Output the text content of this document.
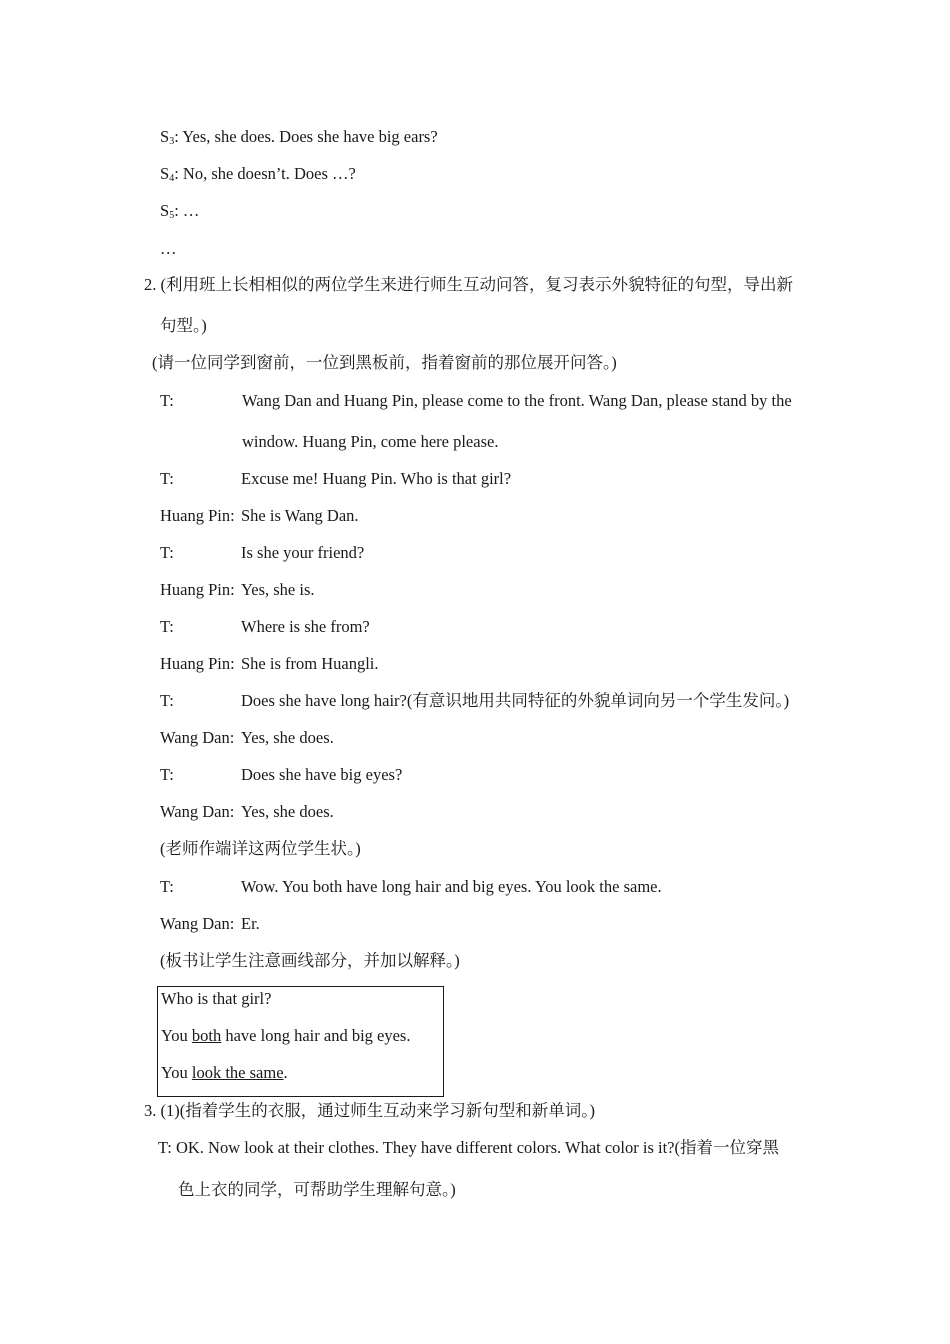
$S_3$: Yes, she does. Does she have big ears?
$S_4$: No, she doesn’t. Does …?
$S_5$: …
…
2. (利用班上长相相似的两位学生来进行师生互动问答，复习表示外貌特征的句型，导出新
句型。)
(请一位同学到窗前，一位到黑板前，指着窗前的那位展开问答。)
T:	Wang Dan and Huang Pin, please come to the front. Wang Dan, please stand by the
window. Huang Pin, come here please.
T:	Excuse me! Huang Pin. Who is that girl?
Huang Pin: She is Wang Dan.
T:	Is she your friend?
Huang Pin: Yes, she is.
T:	Where is she from?
Huang Pin: She is from Huangli.
T:	Does she have long hair?(有意识地用共同特征的外貌单词向另一个学生发问。)
Wang Dan: Yes, she does.
T:	Does she have big eyes?
Wang Dan: Yes, she does.
(老师作端详这两位学生状。)
T:	Wow. You both have long hair and big eyes. You look the same.
Wang Dan: Er.
(板书让学生注意画线部分，并加以解释。)
Who is that girl?
You both have long hair and big eyes.
You look the same.
3. (1)(指着学生的衣服，通过师生互动来学习新句型和新单词。)
T: OK. Now look at their clothes. They have different colors. What color is it?(指着一位穿黑
色上衣的同学，可帮助学生理解句意。)
